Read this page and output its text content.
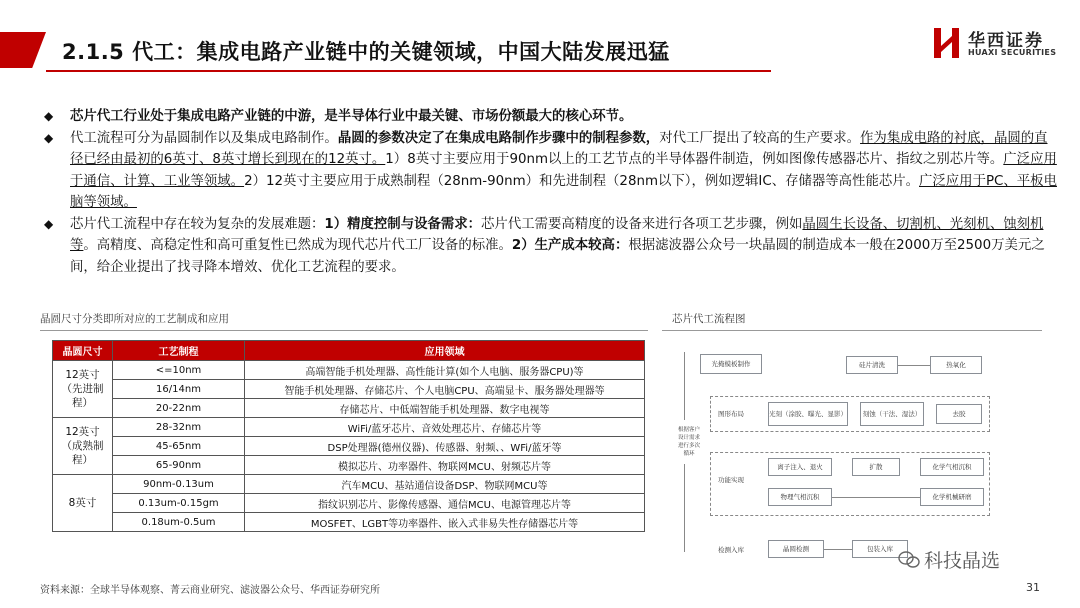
2.1.5 代工：集成电路产业链中的关键领域，中国大陆发展迅猛	华西证券
HUAXI SECURITIES
◆	芯片代工行业处于集成电路产业链的中游，是半导体行业中最关键、市场份额最大的核心环节。
◆	代工流程可分为晶圆制作以及集成电路制作。晶圆的参数决定了在集成电路制作步骤中的制程参数，对代工厂提出了较高的生产要求。作为集成电路的衬底，晶圆的直径已经由最初的6英寸、8英寸增长到现在的12英寸。1）8英寸主要应用于90nm以上的工艺节点的半导体器件制造，例如图像传感器芯片、指纹之别芯片等。广泛应用于通信、计算、工业等领域。2）12英寸主要应用于成熟制程（28nm-90nm）和先进制程（28nm以下），例如逻辑IC、存储器等高性能芯片。广泛应用于PC、平板电脑等领域。
◆	芯片代工流程中存在较为复杂的发展难题：1）精度控制与设备需求：芯片代工需要高精度的设备来进行各项工艺步骤，例如晶圆生长设备、切割机、光刻机、蚀刻机等。高精度、高稳定性和高可重复性已然成为现代芯片代工厂设备的标准。2）生产成本较高：根据滤波器公众号一块晶圆的制造成本一般在2000万至2500万美元之间，给企业提出了找寻降本增效、优化工艺流程的要求。
晶圆尺寸分类即所对应的工艺制成和应用	芯片代工流程图
晶圆尺寸	工艺制程	应用领域
12英寸（先进制程）	<=10nm	高端智能手机处理器、高性能计算(如个人电脑、服务器CPU)等
	16/14nm	智能手机处理器、存储芯片、个人电脑CPU、高端显卡、服务器处理器等
	20-22nm	存储芯片、中低端智能手机处理器、数字电视等
12英寸（成熟制程）	28-32nm	WiFi/蓝牙芯片、音效处理芯片、存储芯片等
	45-65nm	DSP处理器(德州仪器)、传感器、射频、、WFi/蓝牙等
	65-90nm	模拟芯片、功率器件、物联网MCU、射频芯片等
8英寸	90nm-0.13um	汽车MCU、基站通信设备DSP、物联网MCU等
	0.13um-0.15gm	指纹识别芯片、影像传感器、通信MCU、电源管理芯片等
	0.18um-0.5um	MOSFET、LGBT等功率器件、嵌入式非易失性存储器芯片等
光掩模板制作
图形布局
功能实现
检测入库
根据客户设计需求进行多次循环
硅片清洗	热氧化
光刻（涂胶、曝光、显影）	刻蚀（干法、湿法）	去胶
离子注入、退火	扩散	化学气相沉积
物理气相沉积	化学机械研磨
晶圆检测	包装入库
资料来源：全球半导体观察、菁云商业研究、滤波器公众号、华西证券研究所
科技晶选
31
